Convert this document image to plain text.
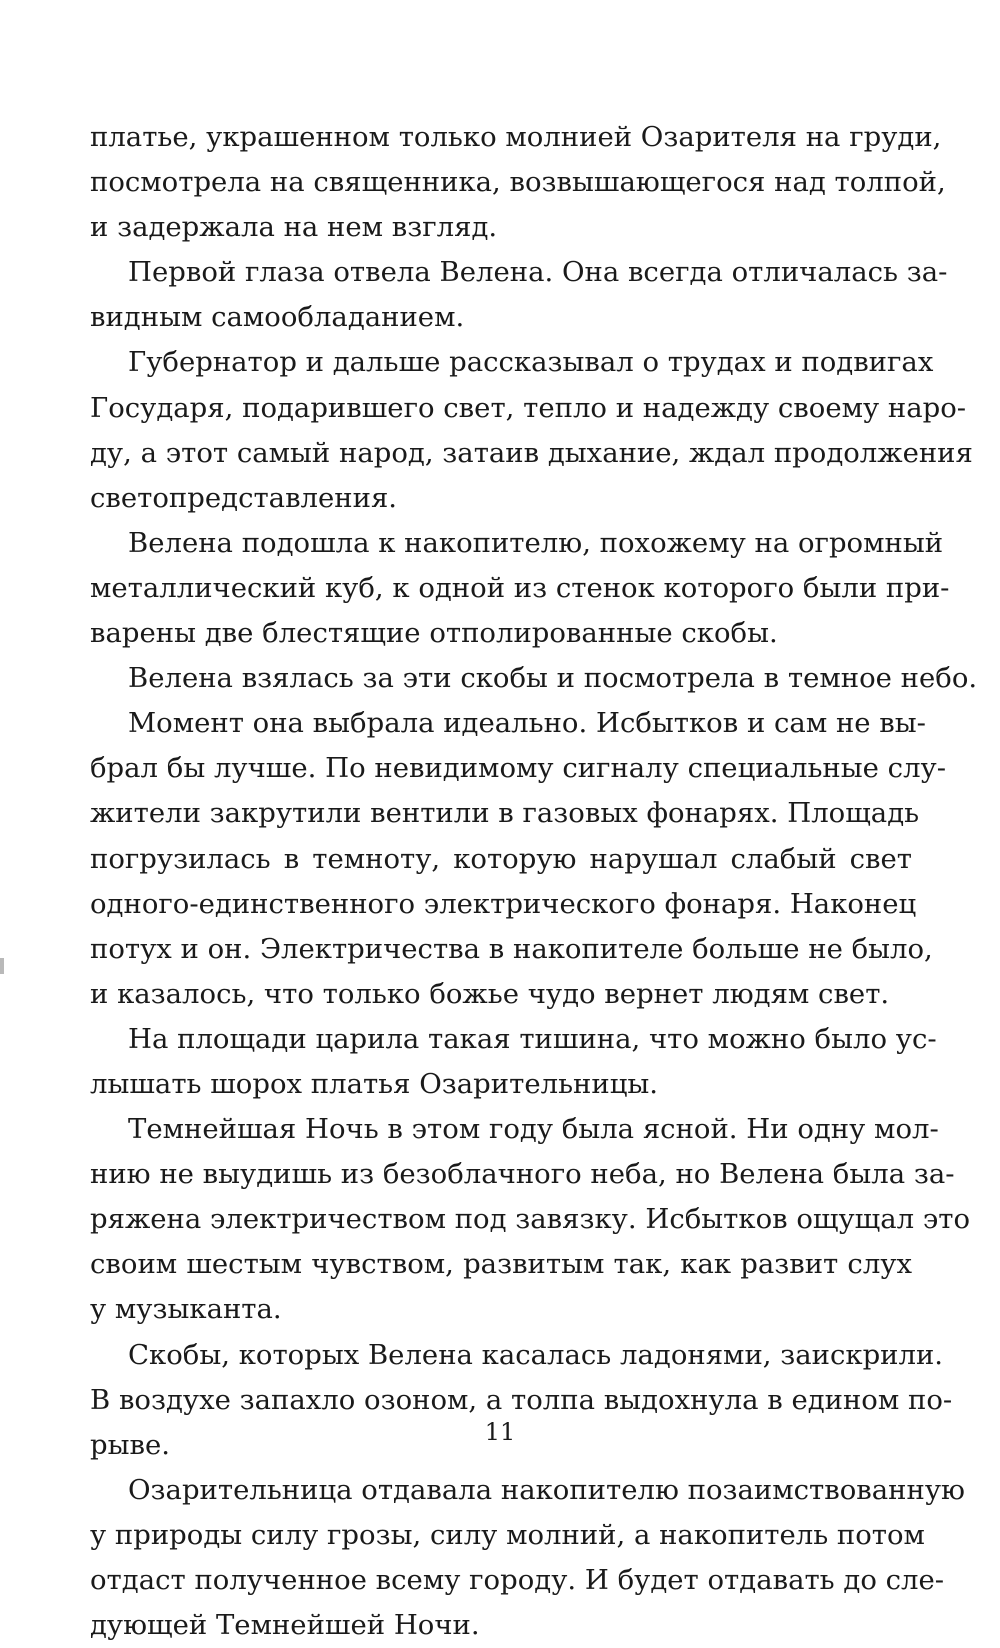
платье, украшенном только молнией Озарителя на груди,
посмотрела на священника, возвышающегося над толпой,
и задержала на нем взгляд.
Первой глаза отвела Велена. Она всегда отличалась за-
видным самообладанием.
Губернатор и дальше рассказывал о трудах и подвигах
Государя, подарившего свет, тепло и надежду своему наро-
ду, а этот самый народ, затаив дыхание, ждал продолжения
светопредставления.
Велена подошла к накопителю, похожему на огромный
металлический куб, к одной из стенок которого были при-
варены две блестящие отполированные скобы.
Велена взялась за эти скобы и посмотрела в темное небо.
Момент она выбрала идеально. Исбытков и сам не вы-
брал бы лучше. По невидимому сигналу специальные слу-
жители закрутили вентили в газовых фонарях. Площадь
погрузилась в темноту, которую нарушал слабый свет
одного-единственного электрического фонаря. Наконец
потух и он. Электричества в накопителе больше не было,
и казалось, что только божье чудо вернет людям свет.
На площади царила такая тишина, что можно было ус-
лышать шорох платья Озарительницы.
Темнейшая Ночь в этом году была ясной. Ни одну мол-
нию не выудишь из безоблачного неба, но Велена была за-
ряжена электричеством под завязку. Исбытков ощущал это
своим шестым чувством, развитым так, как развит слух
у музыканта.
Скобы, которых Велена касалась ладонями, заискрили.
В воздухе запахло озоном, а толпа выдохнула в едином по-
рыве.
Озарительница отдавала накопителю позаимствованную
у природы силу грозы, силу молний, а накопитель потом
отдаст полученное всему городу. И будет отдавать до сле-
дующей Темнейшей Ночи.
11
